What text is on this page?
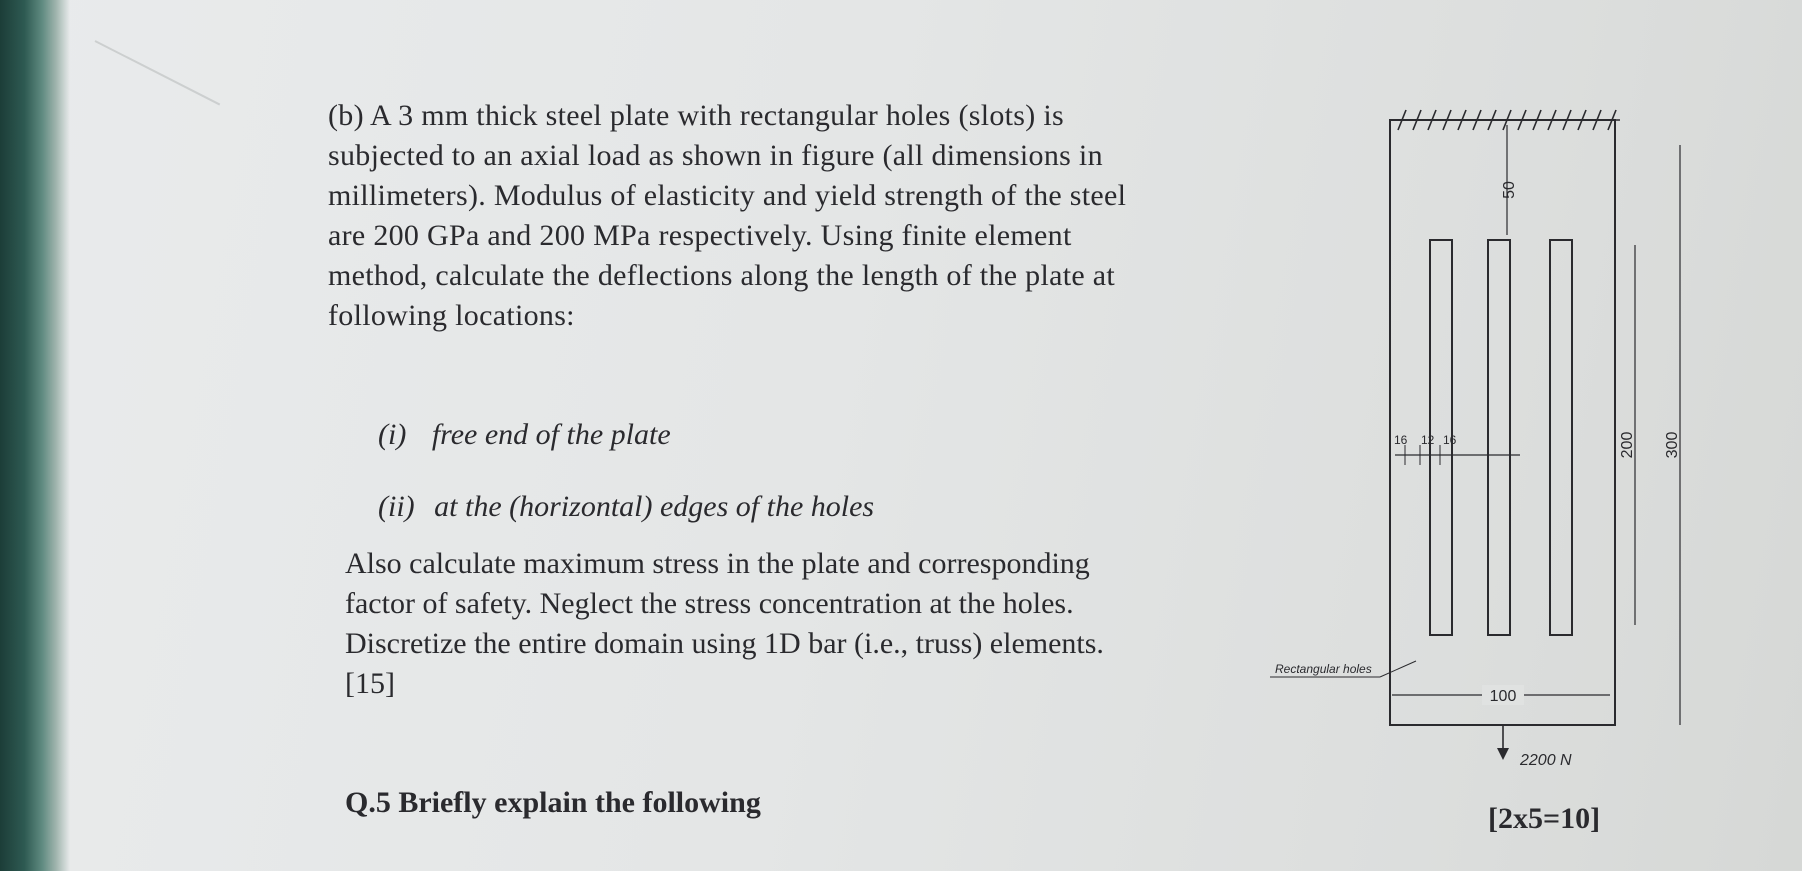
(b) A 3 mm thick steel plate with rectangular holes (slots) is
subjected to an axial load as shown in figure (all dimensions in
millimeters). Modulus of elasticity and yield strength of the steel
are 200 GPa and 200 MPa respectively. Using finite element
method, calculate the deflections along the length of the plate at
following locations:
(i) free end of the plate
(ii) at the (horizontal) edges of the holes
Also calculate maximum stress in the plate and corresponding
factor of safety. Neglect the stress concentration at the holes.
Discretize the entire domain using 1D bar (i.e., truss) elements.
[15]
50
16 12 16	200 300
100
Rectangular holes
2200 N
Q.5 Briefly explain the following	[2x5=10]
